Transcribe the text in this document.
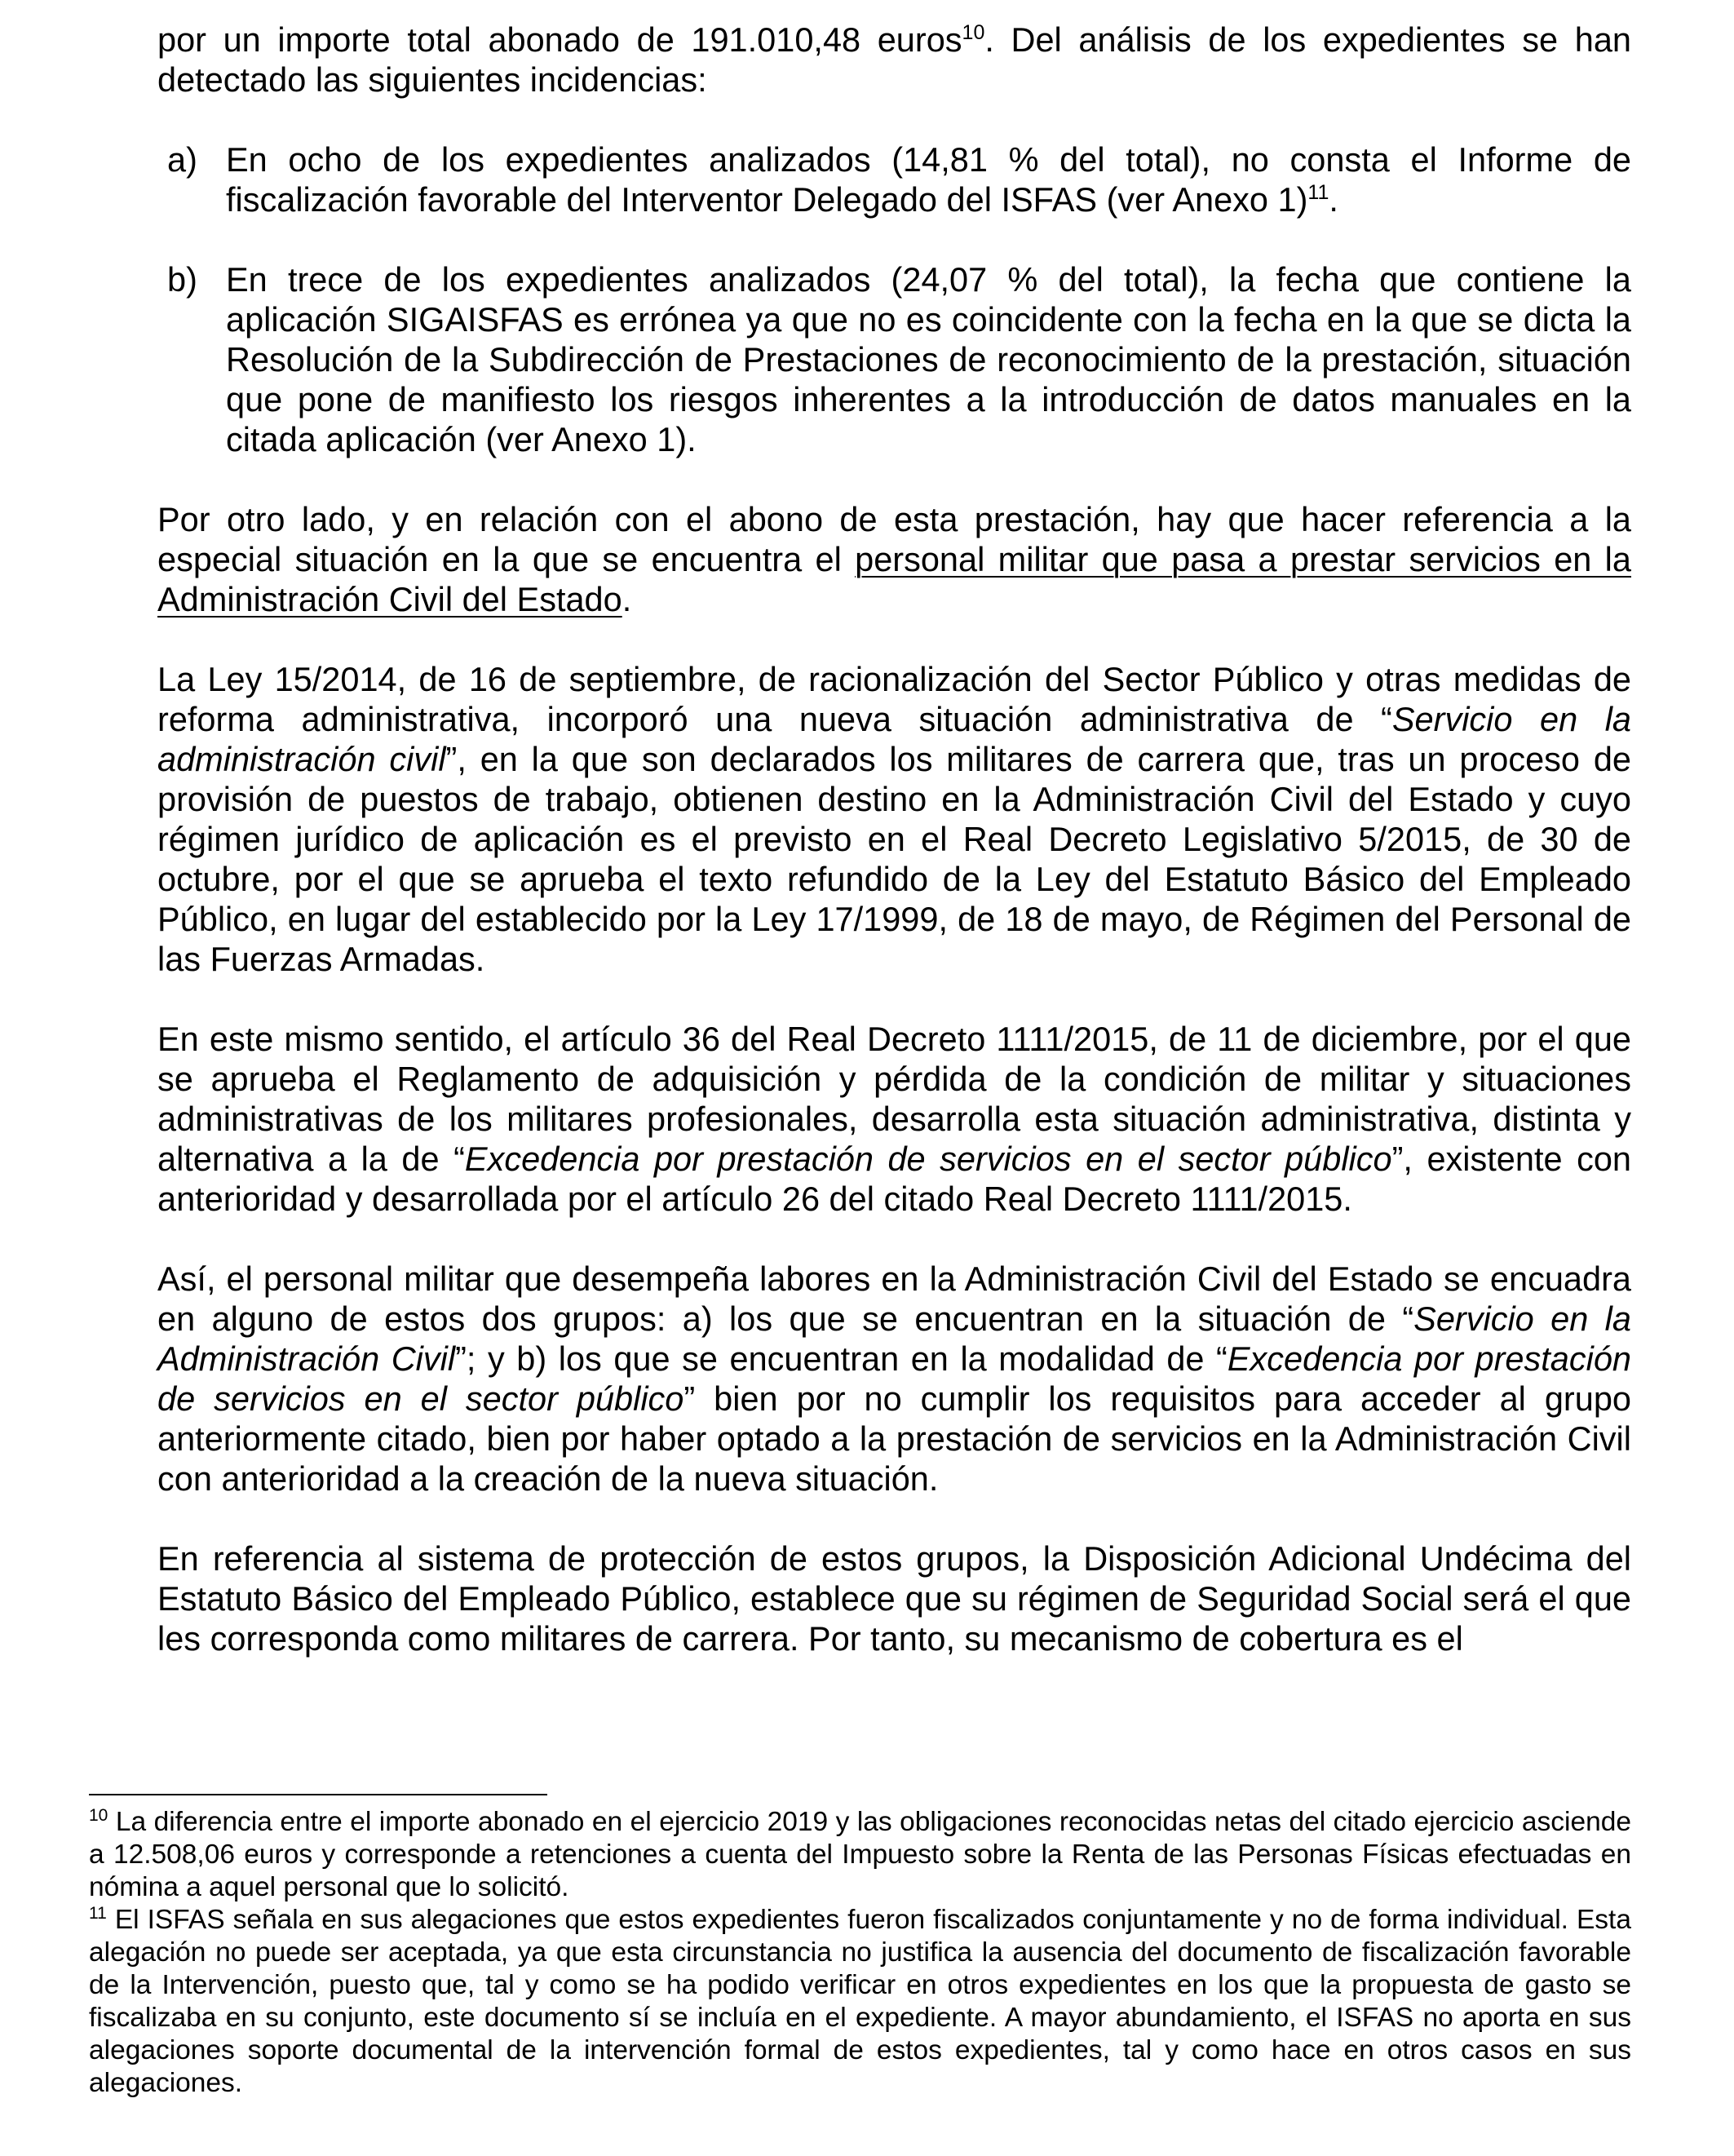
por un importe total abonado de 191.010,48 euros$^{10}$. Del análisis de los expedientes se han detectado las siguientes incidencias:

a) En ocho de los expedientes analizados (14,81 % del total), no consta el Informe de fiscalización favorable del Interventor Delegado del ISFAS (ver Anexo 1)$^{11}$.
b) En trece de los expedientes analizados (24,07 % del total), la fecha que contiene la aplicación SIGAISFAS es errónea ya que no es coincidente con la fecha en la que se dicta la Resolución de la Subdirección de Prestaciones de reconocimiento de la prestación, situación que pone de manifiesto los riesgos inherentes a la introducción de datos manuales en la citada aplicación (ver Anexo 1).

Por otro lado, y en relación con el abono de esta prestación, hay que hacer referencia a la especial situación en la que se encuentra el personal militar que pasa a prestar servicios en la Administración Civil del Estado.

La Ley 15/2014, de 16 de septiembre, de racionalización del Sector Público y otras medidas de reforma administrativa, incorporó una nueva situación administrativa de “Servicio en la administración civil”, en la que son declarados los militares de carrera que, tras un proceso de provisión de puestos de trabajo, obtienen destino en la Administración Civil del Estado y cuyo régimen jurídico de aplicación es el previsto en el Real Decreto Legislativo 5/2015, de 30 de octubre, por el que se aprueba el texto refundido de la Ley del Estatuto Básico del Empleado Público, en lugar del establecido por la Ley 17/1999, de 18 de mayo, de Régimen del Personal de las Fuerzas Armadas.

En este mismo sentido, el artículo 36 del Real Decreto 1111/2015, de 11 de diciembre, por el que se aprueba el Reglamento de adquisición y pérdida de la condición de militar y situaciones administrativas de los militares profesionales, desarrolla esta situación administrativa, distinta y alternativa a la de “Excedencia por prestación de servicios en el sector público”, existente con anterioridad y desarrollada por el artículo 26 del citado Real Decreto 1111/2015.

Así, el personal militar que desempeña labores en la Administración Civil del Estado se encuadra en alguno de estos dos grupos: a) los que se encuentran en la situación de “Servicio en la Administración Civil”; y b) los que se encuentran en la modalidad de “Excedencia por prestación de servicios en el sector público” bien por no cumplir los requisitos para acceder al grupo anteriormente citado, bien por haber optado a la prestación de servicios en la Administración Civil con anterioridad a la creación de la nueva situación.

En referencia al sistema de protección de estos grupos, la Disposición Adicional Undécima del Estatuto Básico del Empleado Público, establece que su régimen de Seguridad Social será el que les corresponda como militares de carrera. Por tanto, su mecanismo de cobertura es el

$^{10}$ La diferencia entre el importe abonado en el ejercicio 2019 y las obligaciones reconocidas netas del citado ejercicio asciende a 12.508,06 euros y corresponde a retenciones a cuenta del Impuesto sobre la Renta de las Personas Físicas efectuadas en nómina a aquel personal que lo solicitó.

$^{11}$ El ISFAS señala en sus alegaciones que estos expedientes fueron fiscalizados conjuntamente y no de forma individual. Esta alegación no puede ser aceptada, ya que esta circunstancia no justifica la ausencia del documento de fiscalización favorable de la Intervención, puesto que, tal y como se ha podido verificar en otros expedientes en los que la propuesta de gasto se fiscalizaba en su conjunto, este documento sí se incluía en el expediente. A mayor abundamiento, el ISFAS no aporta en sus alegaciones soporte documental de la intervención formal de estos expedientes, tal y como hace en otros casos en sus alegaciones.
